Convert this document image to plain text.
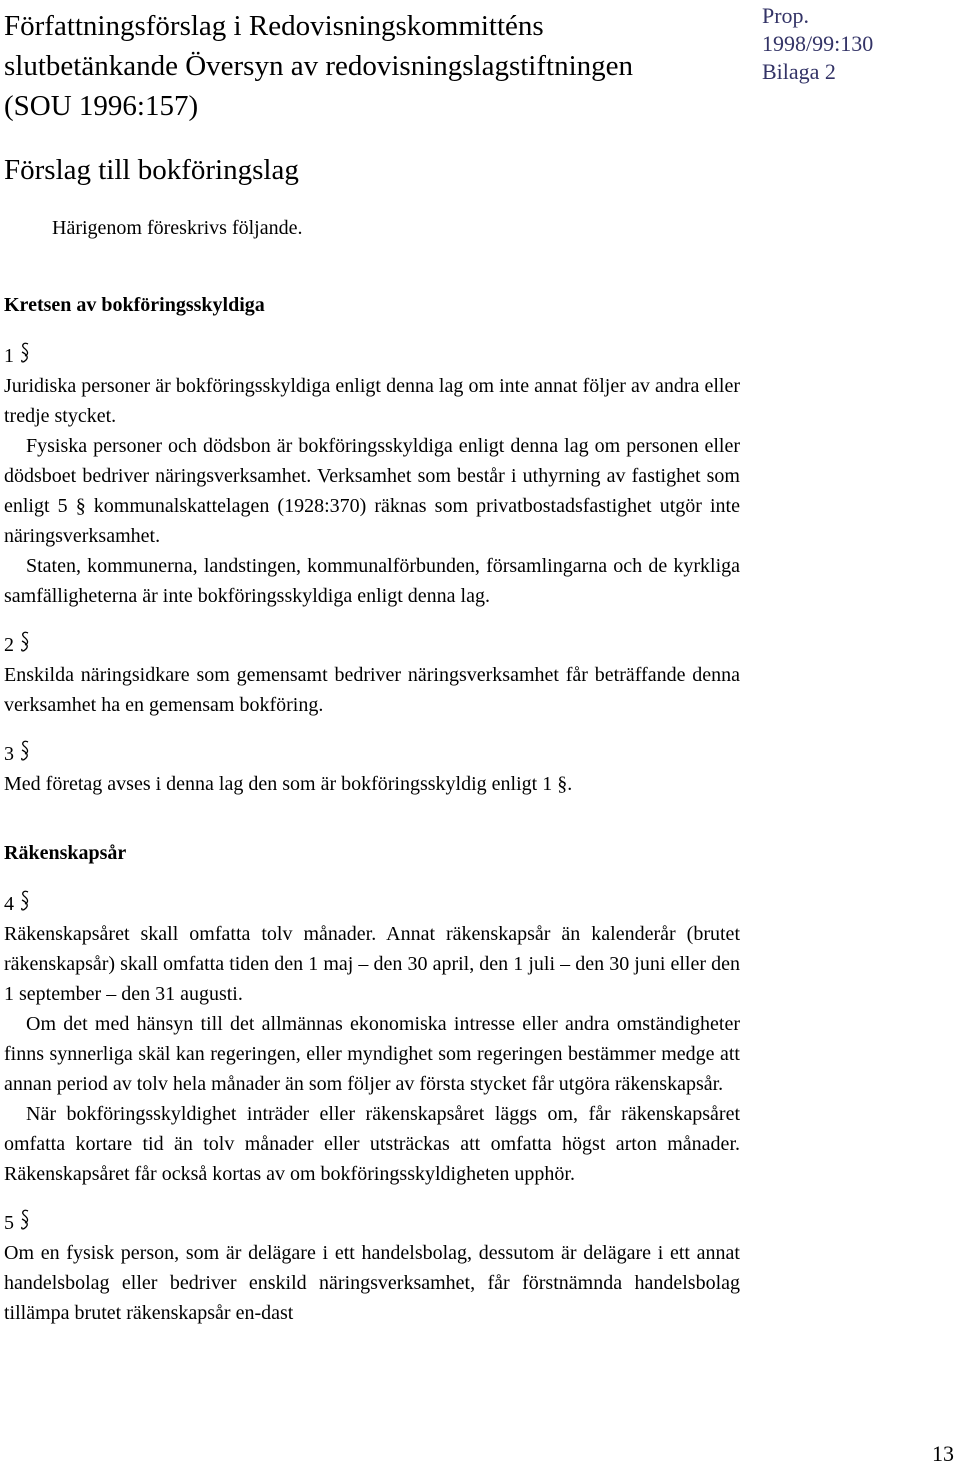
Författningsförslag i Redovisningskommitténs slutbetänkande Översyn av redovisningslagstiftningen (SOU 1996:157)
Prop.
1998/99:130
Bilaga 2
Förslag till bokföringslag
Härigenom föreskrivs följande.
Kretsen av bokföringsskyldiga
1

Juridiska personer är bokföringsskyldiga enligt denna lag om inte annat följer av andra eller tredje stycket.

Fysiska personer och dödsbon är bokföringsskyldiga enligt denna lag om personen eller dödsboet bedriver näringsverksamhet. Verksamhet som består i uthyrning av fastighet som enligt 5 § kommunalskattelagen (1928:370) räknas som privatbostadsfastighet utgör inte näringsverksamhet.

Staten, kommunerna, landstingen, kommunalförbunden, församlingarna och de kyrkliga samfälligheterna är inte bokföringsskyldiga enligt denna lag.

2

Enskilda näringsidkare som gemensamt bedriver näringsverksamhet får beträffande denna verksamhet ha en gemensam bokföring.

3

Med företag avses i denna lag den som är bokföringsskyldig enligt 1 §.

Räkenskapsår
4

Räkenskapsåret skall omfatta tolv månader. Annat räkenskapsår än kalenderår (brutet räkenskapsår) skall omfatta tiden den 1 maj – den 30 april, den 1 juli – den 30 juni eller den 1 september – den 31 augusti.

Om det med hänsyn till det allmännas ekonomiska intresse eller andra omständigheter finns synnerliga skäl kan regeringen, eller myndighet som regeringen bestämmer medge att annan period av tolv hela månader än som följer av första stycket får utgöra räkenskapsår.

När bokföringsskyldighet inträder eller räkenskapsåret läggs om, får räkenskapsåret omfatta kortare tid än tolv månader eller utsträckas att omfatta högst arton månader. Räkenskapsåret får också kortas av om bokföringsskyldigheten upphör.

5

Om en fysisk person, som är delägare i ett handelsbolag, dessutom är delägare i ett annat handelsbolag eller bedriver enskild näringsverksamhet, får förstnämnda handelsbolag tillämpa brutet räkenskapsår en-dast

13
